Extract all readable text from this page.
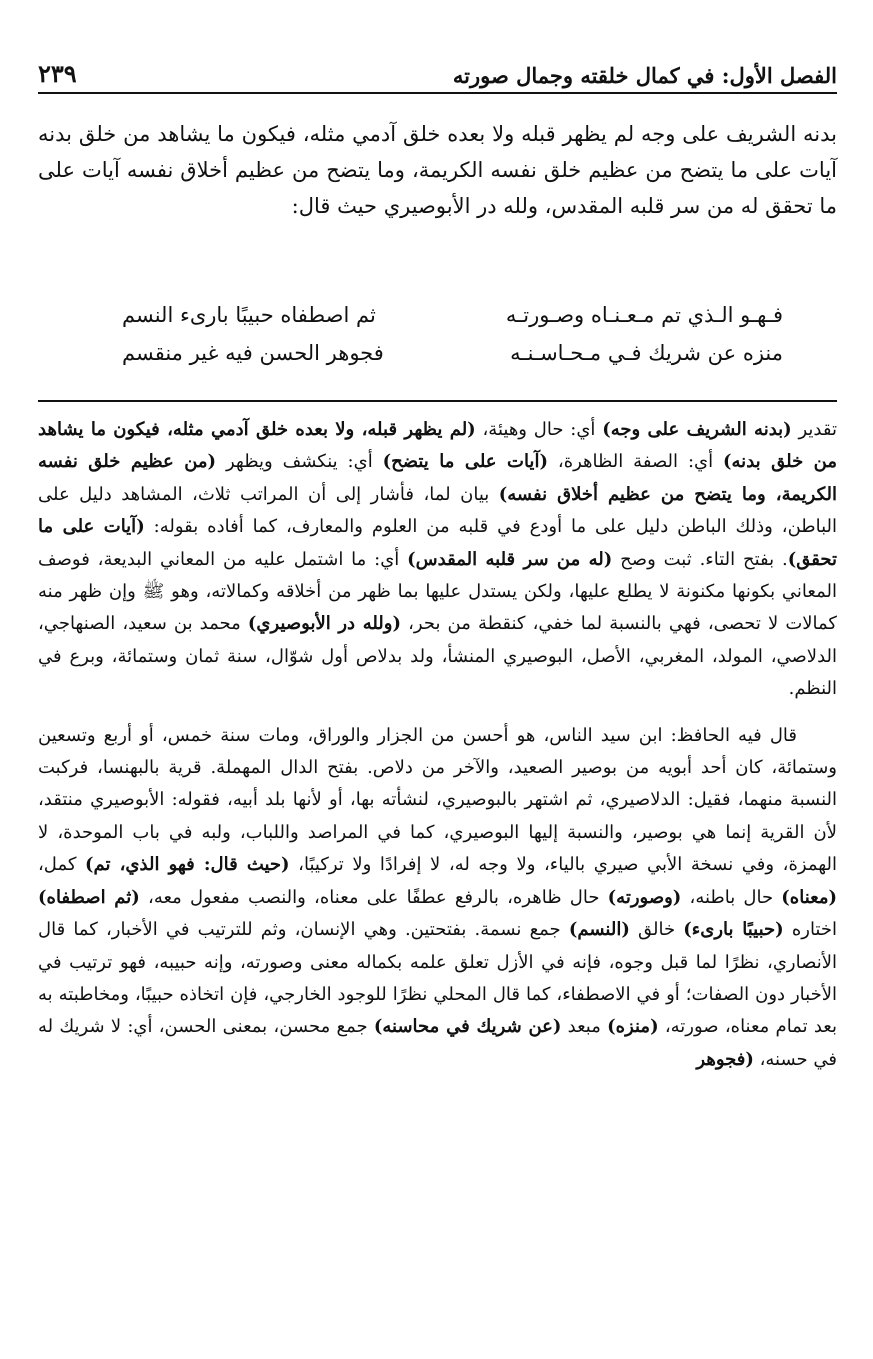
الفصل الأول: في كمال خلقته وجمال صورته
٢٣٩

بدنه الشريف على وجه لم يظهر قبله ولا بعده خلق آدمي مثله، فيكون ما يشاهد من خلق بدنه آيات على ما يتضح من عظيم خلق نفسه الكريمة، وما يتضح من عظيم أخلاق نفسه آيات على ما تحقق له من سر قلبه المقدس، ولله در الأبوصيري حيث قال:

فـهـو الـذي تم مـعـنـاه وصـورتـه
ثم اصطفاه حبيبًا بارىء النسم
منزه عن شريك فـي مـحـاسـنـه
فجوهر الحسن فيه غير منقسم

تقدير (بدنه الشريف على وجه) أي: حال وهيئة، (لم يظهر قبله، ولا بعده خلق آدمي مثله، فيكون ما يشاهد من خلق بدنه) أي: الصفة الظاهرة، (آيات على ما يتضح) أي: ينكشف ويظهر (من عظيم خلق نفسه الكريمة، وما يتضح من عظيم أخلاق نفسه) بيان لما، فأشار إلى أن المراتب ثلاث، المشاهد دليل على الباطن، وذلك الباطن دليل على ما أودع في قلبه من العلوم والمعارف، كما أفاده بقوله: (آيات على ما تحقق). بفتح التاء. ثبت وصح (له من سر قلبه المقدس) أي: ما اشتمل عليه من المعاني البديعة، فوصف المعاني بكونها مكنونة لا يطلع عليها، ولكن يستدل عليها بما ظهر من أخلاقه وكمالاته، وهو ﷺ وإن ظهر منه كمالات لا تحصى، فهي بالنسبة لما خفي، كنقطة من بحر، (ولله در الأبوصيري) محمد بن سعيد، الصنهاجي، الدلاصي، المولد، المغربي، الأصل، البوصيري المنشأ، ولد بدلاص أول شوّال، سنة ثمان وستمائة، وبرع في النظم.

قال فيه الحافظ: ابن سيد الناس، هو أحسن من الجزار والوراق، ومات سنة خمس، أو أربع وتسعين وستمائة، كان أحد أبويه من بوصير الصعيد، والآخر من دلاص. بفتح الدال المهملة. قرية بالبهنسا، فركبت النسبة منهما، فقيل: الدلاصيري، ثم اشتهر بالبوصيري، لنشأته بها، أو لأنها بلد أبيه، فقوله: الأبوصيري منتقد، لأن القرية إنما هي بوصير، والنسبة إليها البوصيري، كما في المراصد واللباب، ولبه في باب الموحدة، لا الهمزة، وفي نسخة الأبي صيري بالياء، ولا وجه له، لا إفرادًا ولا تركيبًا، (حيث قال: فهو الذي، تم) كمل، (معناه) حال باطنه، (وصورته) حال ظاهره، بالرفع عطفًا على معناه، والنصب مفعول معه، (ثم اصطفاه) اختاره (حبيبًا بارىء) خالق (النسم) جمع نسمة. بفتحتين. وهي الإنسان، وثم للترتيب في الأخبار، كما قال الأنصاري، نظرًا لما قبل وجوه، فإنه في الأزل تعلق علمه بكماله معنى وصورته، وإنه حبيبه، فهو ترتيب في الأخبار دون الصفات؛ أو في الاصطفاء، كما قال المحلي نظرًا للوجود الخارجي، فإن اتخاذه حبيبًا، ومخاطبته به بعد تمام معناه، صورته، (منزه) مبعد (عن شريك في محاسنه) جمع محسن، بمعنى الحسن، أي: لا شريك له في حسنه، (فجوهر
